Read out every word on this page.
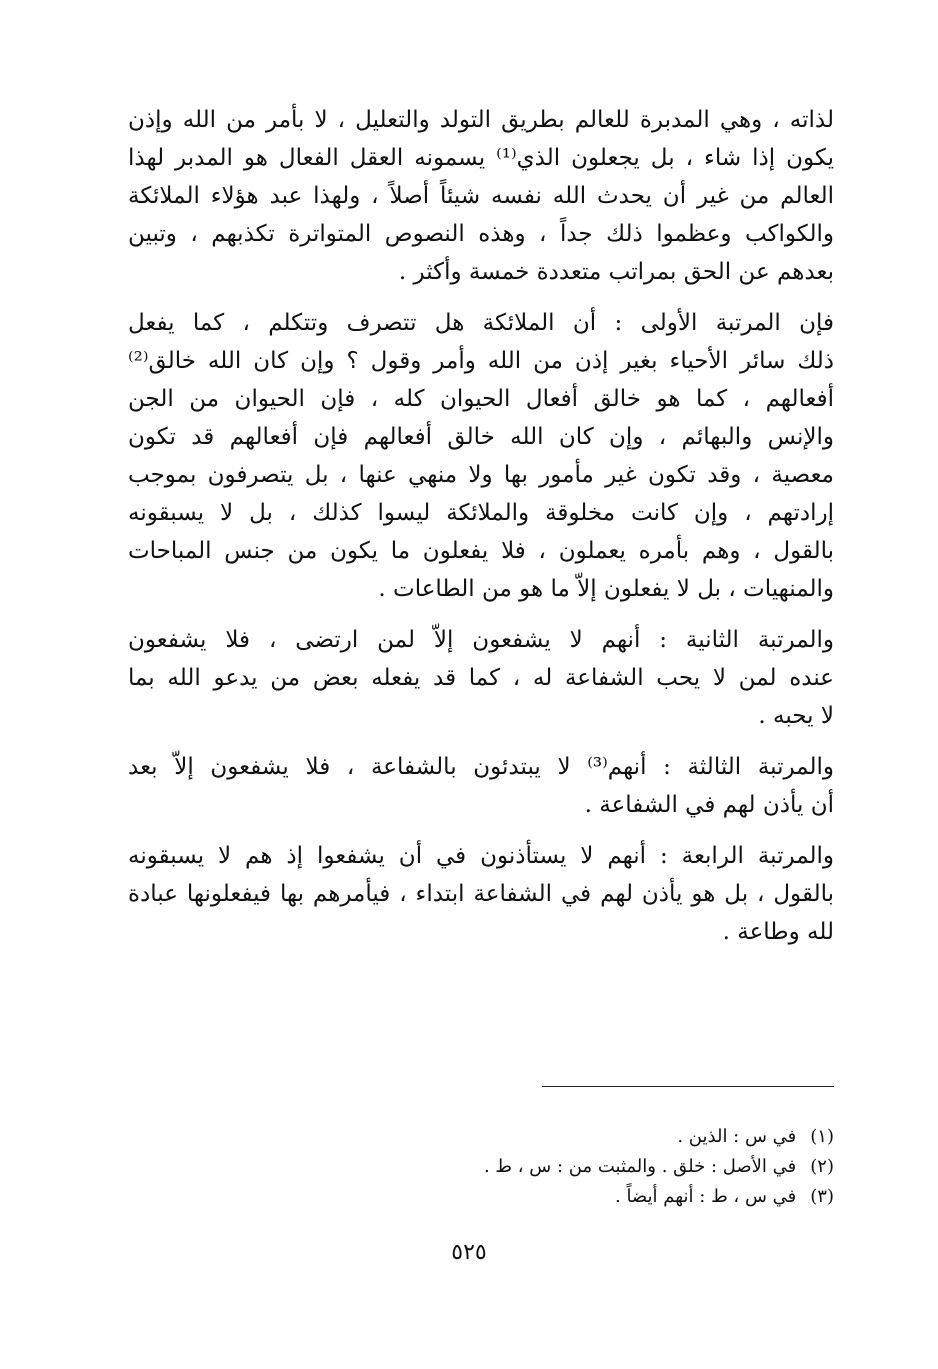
لذاته ، وهي المدبرة للعالم بطريق التولد والتعليل ، لا بأمر من الله وإذن
يكون إذا شاء ، بل يجعلون الذي⁽¹⁾ يسمونه العقل الفعال هو المدبر لهذا
العالم من غير أن يحدث الله نفسه شيئاً أصلاً ، ولهذا عبد هؤلاء الملائكة
والكواكب وعظموا ذلك جداً ، وهذه النصوص المتواترة تكذبهم ، وتبين
بعدهم عن الحق بمراتب متعددة خمسة وأكثر .
فإن المرتبة الأولى : أن الملائكة هل تتصرف وتتكلم ، كما يفعل
ذلك سائر الأحياء بغير إذن من الله وأمر وقول ؟ وإن كان الله خالق⁽²⁾
أفعالهم ، كما هو خالق أفعال الحيوان كله ، فإن الحيوان من الجن
والإنس والبهائم ، وإن كان الله خالق أفعالهم فإن أفعالهم قد تكون
معصية ، وقد تكون غير مأمور بها ولا منهي عنها ، بل يتصرفون بموجب
إرادتهم ، وإن كانت مخلوقة والملائكة ليسوا كذلك ، بل لا يسبقونه
بالقول ، وهم بأمره يعملون ، فلا يفعلون ما يكون من جنس المباحات
والمنهيات ، بل لا يفعلون إلاّ ما هو من الطاعات .
والمرتبة الثانية : أنهم لا يشفعون إلاّ لمن ارتضى ، فلا يشفعون
عنده لمن لا يحب الشفاعة له ، كما قد يفعله بعض من يدعو الله بما
لا يحبه .
والمرتبة الثالثة : أنهم⁽³⁾ لا يبتدئون بالشفاعة ، فلا يشفعون إلاّ بعد
أن يأذن لهم في الشفاعة .
والمرتبة الرابعة : أنهم لا يستأذنون في أن يشفعوا إذ هم لا يسبقونه
بالقول ، بل هو يأذن لهم في الشفاعة ابتداء ، فيأمرهم بها فيفعلونها عبادة
لله وطاعة .
(١)في س : الذين .
(٢)في الأصل : خلق . والمثبت من : س ، ط .
(٣)في س ، ط : أنهم أيضاً .
٥٢٥
